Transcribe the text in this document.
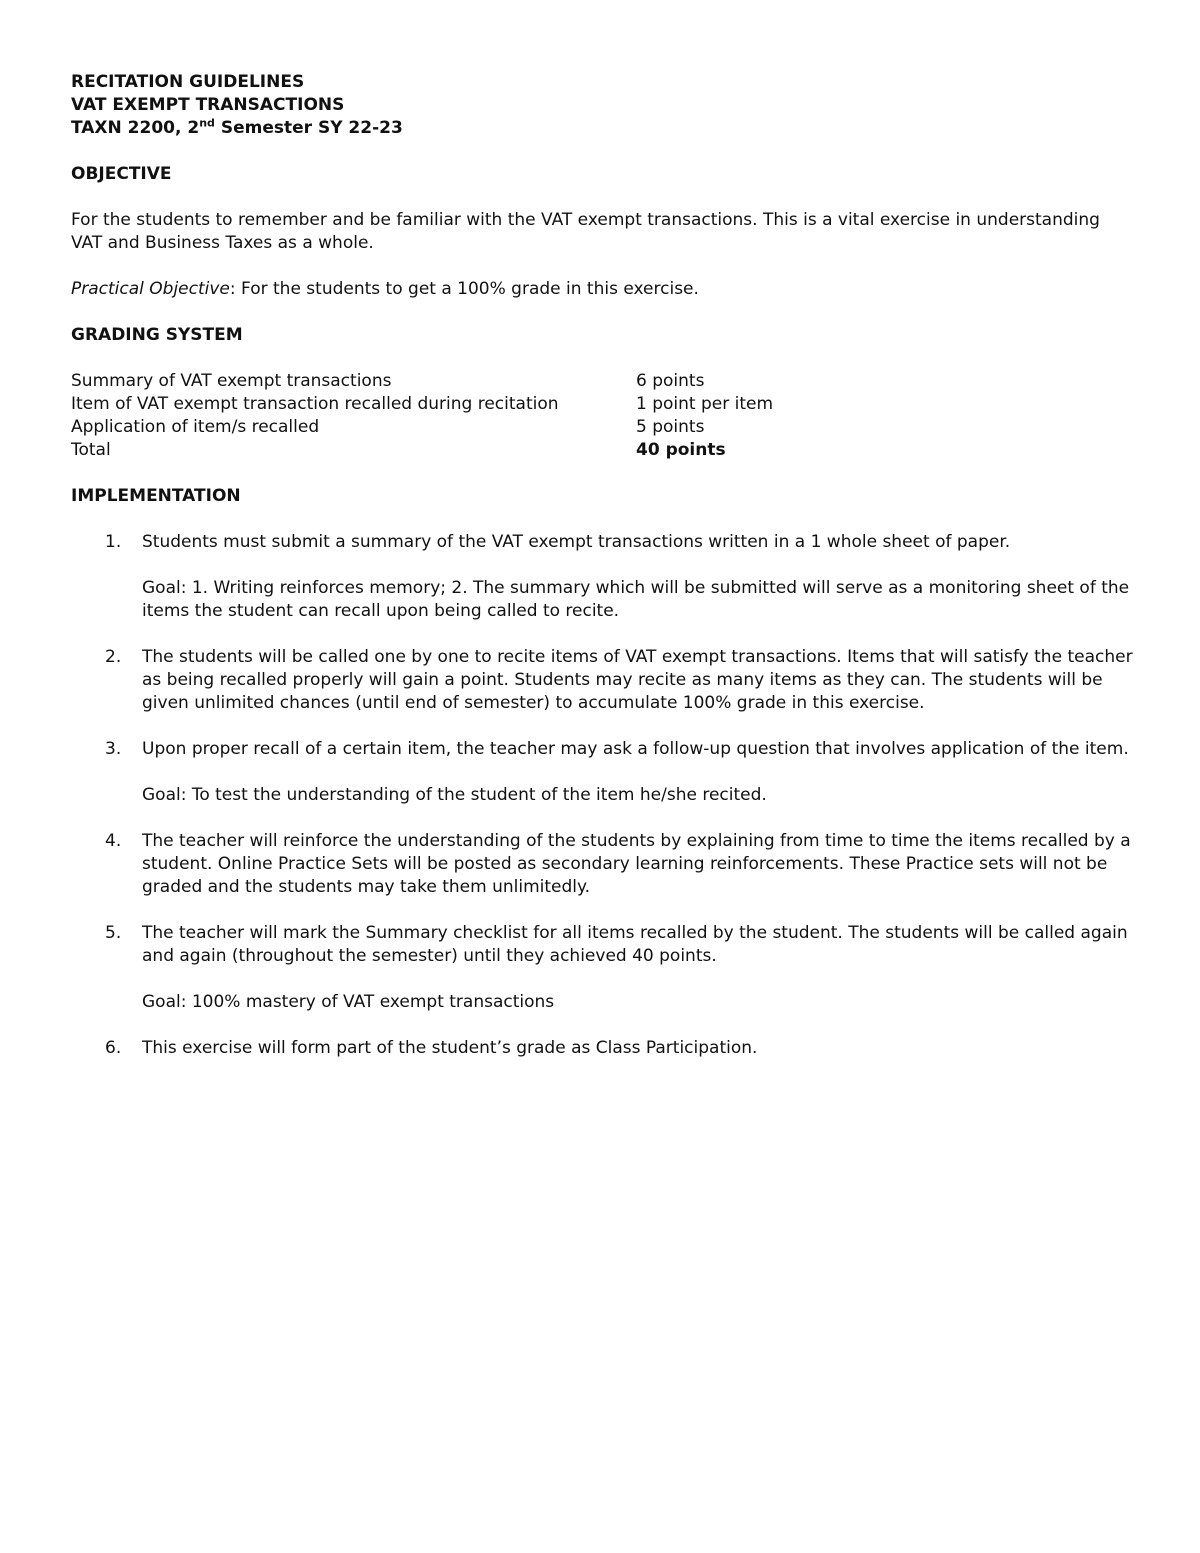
RECITATION GUIDELINES
VAT EXEMPT TRANSACTIONS
TAXN 2200, 2nd Semester SY 22-23
OBJECTIVE

For the students to remember and be familiar with the VAT exempt transactions. This is a vital exercise in understanding VAT and Business Taxes as a whole.

Practical Objective: For the students to get a 100% grade in this exercise.

GRADING SYSTEM
Summary of VAT exempt transactions	6 points
Item of VAT exempt transaction recalled during recitation	1 point per item
Application of item/s recalled	5 points
Total	40 points
IMPLEMENTATION
1. Students must submit a summary of the VAT exempt transactions written in a 1 whole sheet of paper.
Goal: 1. Writing reinforces memory; 2. The summary which will be submitted will serve as a monitoring sheet of the items the student can recall upon being called to recite.
2. The students will be called one by one to recite items of VAT exempt transactions. Items that will satisfy the teacher as being recalled properly will gain a point. Students may recite as many items as they can. The students will be given unlimited chances (until end of semester) to accumulate 100% grade in this exercise.
3. Upon proper recall of a certain item, the teacher may ask a follow-up question that involves application of the item.
Goal: To test the understanding of the student of the item he/she recited.
4. The teacher will reinforce the understanding of the students by explaining from time to time the items recalled by a student. Online Practice Sets will be posted as secondary learning reinforcements. These Practice sets will not be graded and the students may take them unlimitedly.
5. The teacher will mark the Summary checklist for all items recalled by the student. The students will be called again and again (throughout the semester) until they achieved 40 points.
Goal: 100% mastery of VAT exempt transactions
6. This exercise will form part of the student’s grade as Class Participation.
